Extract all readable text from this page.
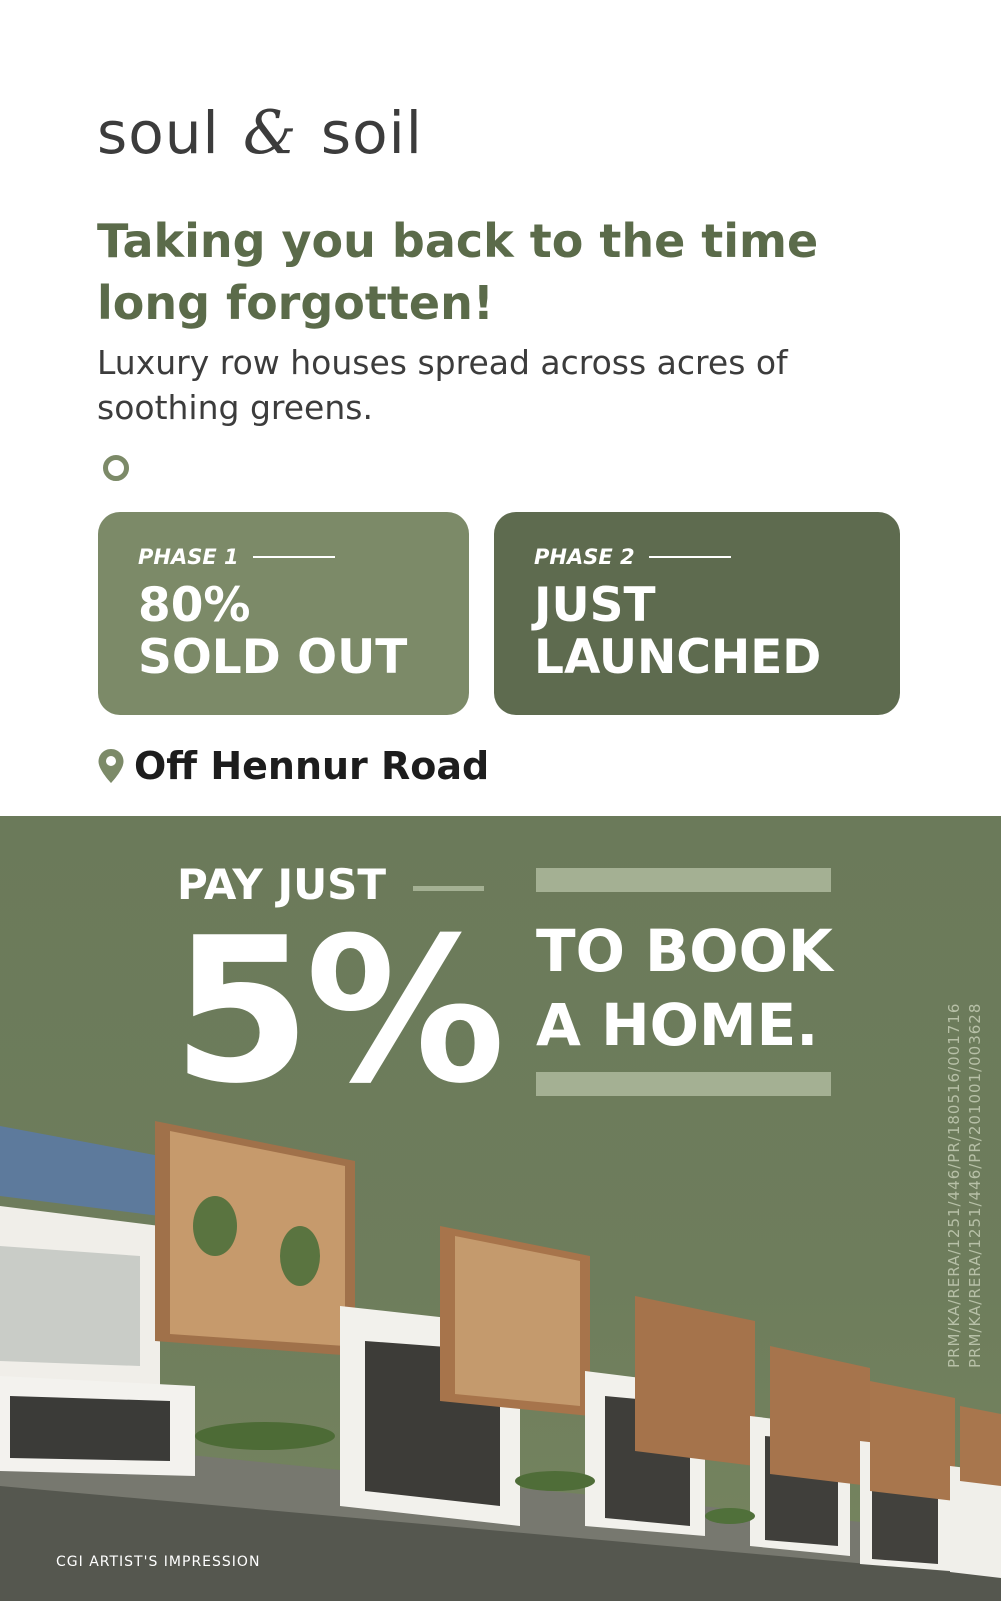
soul & soil
Taking you back to the time long forgotten!

Luxury row houses spread across acres of soothing greens.

PHASE 1
80%
SOLD OUT
PHASE 2
JUST
LAUNCHED
Off Hennur Road
PAY JUST
5% TO BOOK
A HOME.	PRM/KA/RERA/1251/446/PR/180516/001716 PRM/KA/RERA/1251/446/PR/201001/003628
CGI ARTIST'S IMPRESSION
